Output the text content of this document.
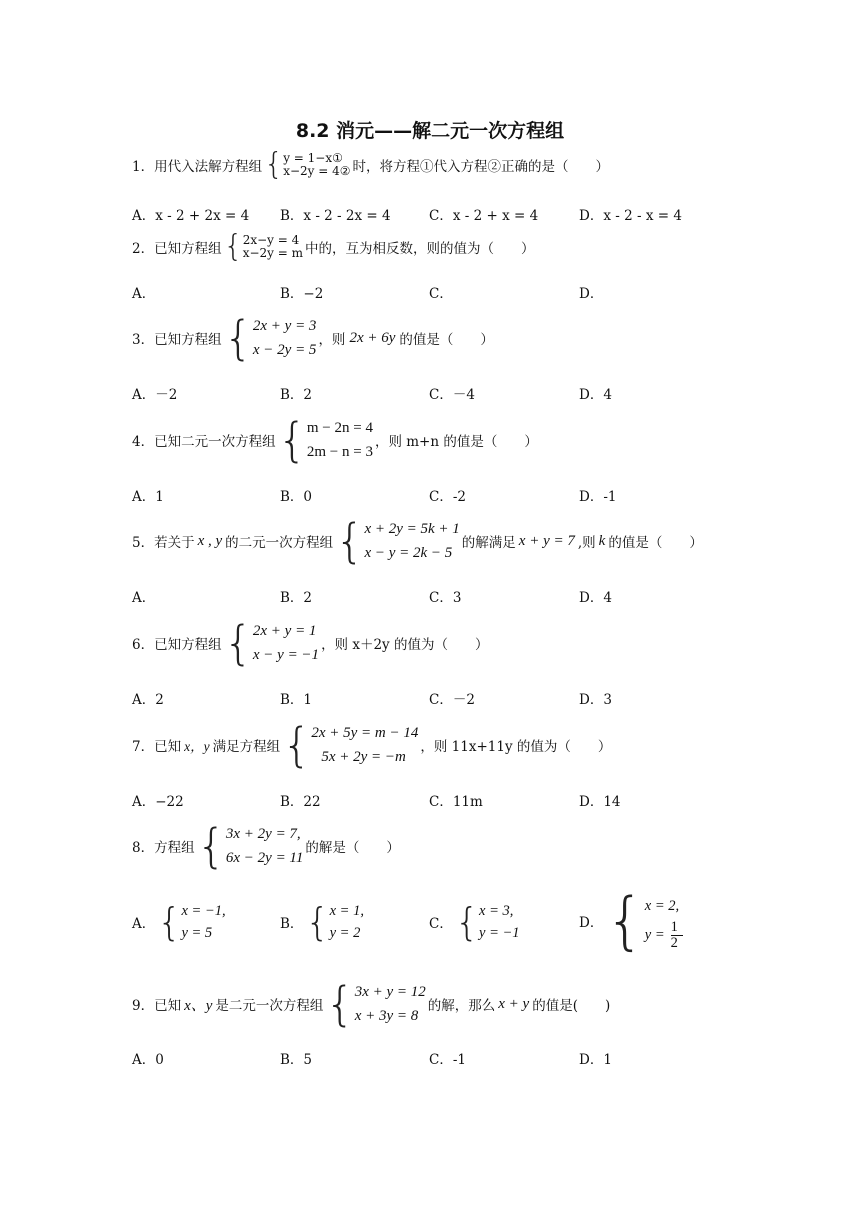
8.2 消元——解二元一次方程组
1．用代入法解方程组 { y = 1−x①
x−2y = 4② 时，将方程①代入方程②正确的是（　　）
A．x - 2 + 2x = 4 B．x - 2 - 2x = 4	C．x - 2 + x = 4	D．x - 2 - x = 4
2．已知方程组 { 2x−y = 4
x−2y = m 中的，互为相反数，则的值为（　　）
A．	B．−2	C．	D．
3．已知方程组 { 2x + y = 3
x − 2y = 5
，则 2x + 6y 的值是（　　）
A．－2	B．2	C．－4	D．4
4．已知二元一次方程组 { m − 2n = 4
2m − n = 3
，则 m+n 的值是（　　）
A．1	B．0	C．-2	D．-1
5．若关于 x , y 的二元一次方程组 { x + 2y = 5k + 1
x − y = 2k − 5
的解满足 x + y = 7 ,则 k 的值是（　　）
A．	B．2	C．3	D．4
6．已知方程组 { 2x + y = 1
x − y = −1
，则 x＋2y 的值为（　　）
A．2	B．1	C．－2	D．3
7．已知 x，y 满足方程组 { 2x + 5y = m − 14
5x + 2y = −m
，则 11x+11y 的值为（　　）
A．−22	B．22	C．11m	D．14
8．方程组 { 3x + 2y = 7,
6x − 2y = 11
的解是（　　）
A． { x = −1,
y = 5
B． { x = 1,
y = 2
C． { x = 3,
y = −1
D． { x = 2,
$y = \frac{1}{2}$
9．已知 x、y 是二元一次方程组 { 3x + y = 12
x + 3y = 8
的解，那么 x + y 的值是(　　)
A．0	B．5	C．-1	D．1
